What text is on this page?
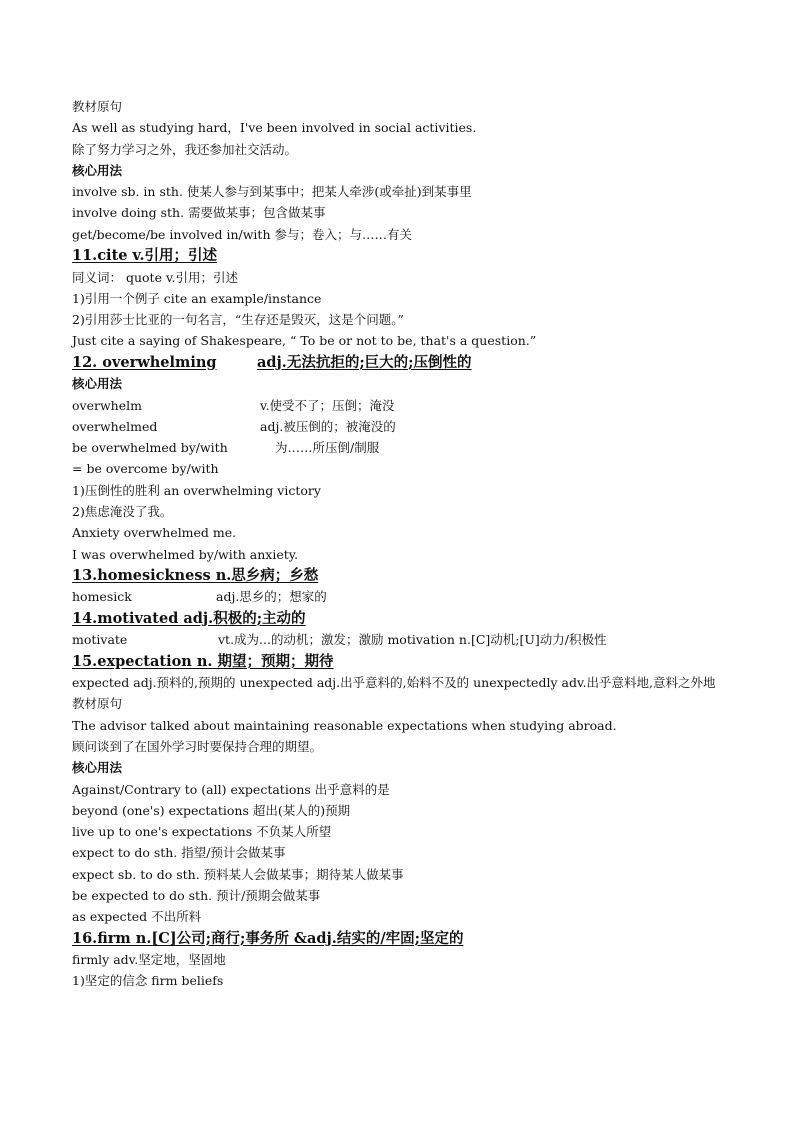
教材原句
As well as studying hard，I've been involved in social activities.
除了努力学习之外，我还参加社交活动。
核心用法
involve sb. in sth. 使某人参与到某事中；把某人牵涉(或牵扯)到某事里
involve doing sth. 需要做某事；包含做某事
get/become/be involved in/with 参与；卷入；与……有关
11.cite v.引用；引述
同义词： quote v.引用；引述
1)引用一个例子 cite an example/instance
2)引用莎士比亚的一句名言，“生存还是毁灭，这是个问题。”
Just cite a saying of Shakespeare, “ To be or not to be, that's a question.”
12. overwhelming	adj.无法抗拒的;巨大的;压倒性的
核心用法
overwhelm	v.使受不了；压倒；淹没
overwhelmed	adj.被压倒的；被淹没的
be overwhelmed by/with	为……所压倒/制服
= be overcome by/with
1)压倒性的胜利 an overwhelming victory
2)焦虑淹没了我。
Anxiety overwhelmed me.
I was overwhelmed by/with anxiety.
13.homesickness n.思乡病；乡愁
homesick	adj.思乡的；想家的
14.motivated adj.积极的;主动的
motivate	vt.成为...的动机；激发；激励 motivation n.[C]动机;[U]动力/积极性
15.expectation n. 期望；预期；期待
expected adj.预料的,预期的 unexpected adj.出乎意料的,始料不及的 unexpectedly adv.出乎意料地,意料之外地
教材原句
The advisor talked about maintaining reasonable expectations when studying abroad.
顾问谈到了在国外学习时要保持合理的期望。
核心用法
Against/Contrary to (all) expectations 出乎意料的是
beyond (one's) expectations 超出(某人的)预期
live up to one's expectations 不负某人所望
expect to do sth. 指望/预计会做某事
expect sb. to do sth. 预料某人会做某事；期待某人做某事
be expected to do sth. 预计/预期会做某事
as expected 不出所料
16.firm n.[C]公司;商行;事务所 &adj.结实的/牢固;坚定的
firmly adv.坚定地，坚固地
1)坚定的信念 firm beliefs
